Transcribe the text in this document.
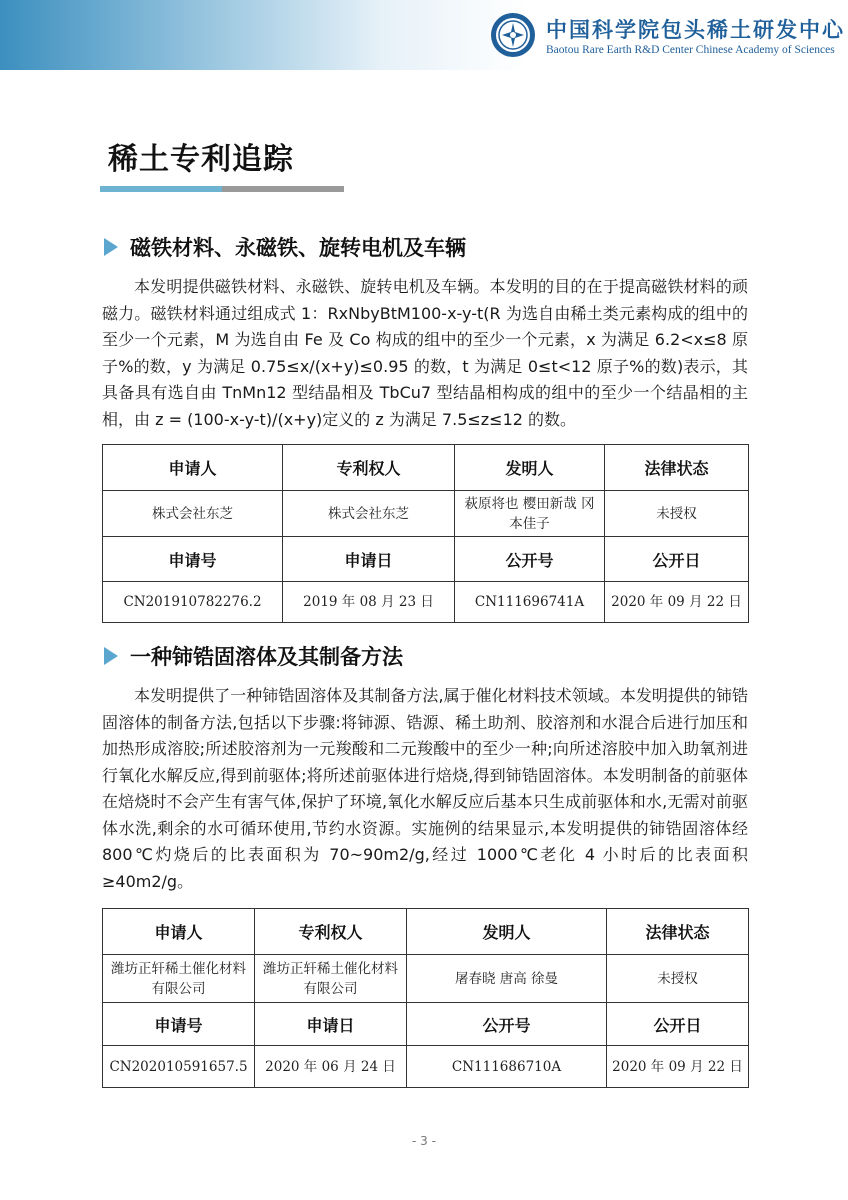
中国科学院包头稀土研发中心
Baotou Rare Earth R&D Center Chinese Academy of Sciences
稀土专利追踪
磁铁材料、永磁铁、旋转电机及车辆
本发明提供磁铁材料、永磁铁、旋转电机及车辆。本发明的目的在于提高磁铁材料的顽磁力。磁铁材料通过组成式 1：RxNbyBtM100-x-y-t(R 为选自由稀土类元素构成的组中的至少一个元素，M 为选自由 Fe 及 Co 构成的组中的至少一个元素，x 为满足 6.2<x≤8 原子%的数，y 为满足 0.75≤x/(x+y)≤0.95 的数，t 为满足 0≤t<12 原子%的数)表示，其具备具有选自由 TnMn12 型结晶相及 TbCu7 型结晶相构成的组中的至少一个结晶相的主相，由 z = (100-x-y-t)/(x+y)定义的 z 为满足 7.5≤z≤12 的数。
申请人	专利权人	发明人	法律状态
株式会社东芝	株式会社东芝	萩原将也 樱田新哉 冈本佳子	未授权
申请号	申请日	公开号	公开日
CN201910782276.2	2019 年 08 月 23 日	CN111696741A	2020 年 09 月 22 日
一种铈锆固溶体及其制备方法
本发明提供了一种铈锆固溶体及其制备方法,属于催化材料技术领域。本发明提供的铈锆固溶体的制备方法,包括以下步骤:将铈源、锆源、稀土助剂、胶溶剂和水混合后进行加压和加热形成溶胶;所述胶溶剂为一元羧酸和二元羧酸中的至少一种;向所述溶胶中加入助氧剂进行氧化水解反应,得到前驱体;将所述前驱体进行焙烧,得到铈锆固溶体。本发明制备的前驱体在焙烧时不会产生有害气体,保护了环境,氧化水解反应后基本只生成前驱体和水,无需对前驱体水洗,剩余的水可循环使用,节约水资源。实施例的结果显示,本发明提供的铈锆固溶体经 800℃灼烧后的比表面积为 70~90m2/g,经过 1000℃老化 4 小时后的比表面积≥40m2/g。
申请人	专利权人	发明人	法律状态
潍坊正轩稀土催化材料有限公司	潍坊正轩稀土催化材料有限公司	屠春晓 唐高 徐曼	未授权
申请号	申请日	公开号	公开日
CN202010591657.5	2020 年 06 月 24 日	CN111686710A	2020 年 09 月 22 日
- 3 -
